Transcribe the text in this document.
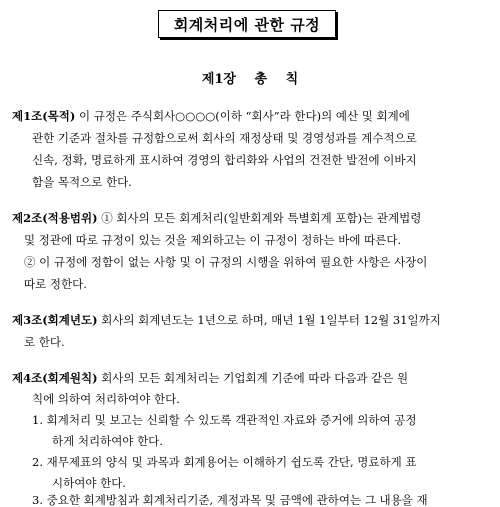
회계처리에 관한 규정
제1장 총 칙
제1조(목적) 이 규정은 주식회사○○○○(이하 “회사”라 한다)의 예산 및 회계에
관한 기준과 절차를 규정함으로써 회사의 재정상태 및 경영성과를 계수적으로
신속, 정확, 명료하게 표시하여 경영의 합리화와 사업의 건전한 발전에 이바지
함을 목적으로 한다.
제2조(적용범위) ① 회사의 모든 회계처리(일반회계와 특별회계 포함)는 관계법령
및 정관에 따로 규정이 있는 것을 제외하고는 이 규정이 정하는 바에 따른다.
② 이 규정에 정함이 없는 사항 및 이 규정의 시행을 위하여 필요한 사항은 사장이
따로 정한다.
제3조(회계년도) 회사의 회계년도는 1년으로 하며, 매년 1월 1일부터 12월 31일까지
로 한다.
제4조(회계원칙) 회사의 모든 회계처리는 기업회계 기준에 따라 다음과 같은 원
칙에 의하여 처리하여야 한다.
1. 회계처리 및 보고는 신뢰할 수 있도록 객관적인 자료와 증거에 의하여 공정
하게 처리하여야 한다.
2. 재무제표의 양식 및 과목과 회계용어는 이해하기 쉽도록 간단, 명료하게 표
시하여야 한다.
3. 중요한 회계방침과 회계처리기준, 계정과목 및 금액에 관하여는 그 내용을 재
